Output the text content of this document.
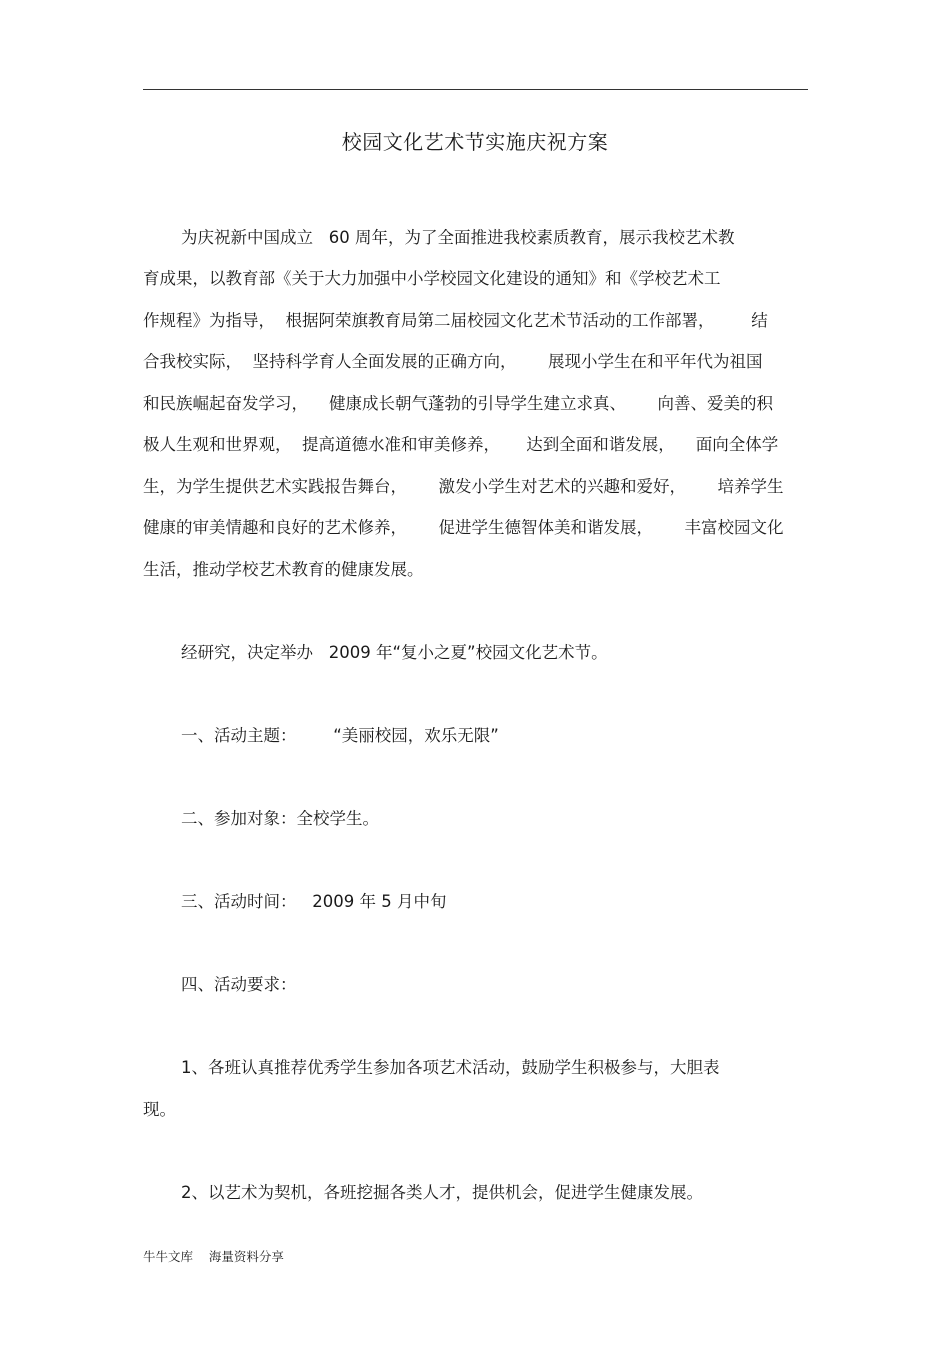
校园文化艺术节实施庆祝方案
为庆祝新中国成立   60 周年，为了全面推进我校素质教育，展示我校艺术教
育成果，以教育部《关于大力加强中小学校园文化建设的通知》和《学校艺术工
作规程》为指导，  根据阿荣旗教育局第二届校园文化艺术节活动的工作部署，       结
合我校实际，  坚持科学育人全面发展的正确方向，      展现小学生在和平年代为祖国
和民族崛起奋发学习，    健康成长朝气蓬勃的引导学生建立求真、      向善、爱美的积
极人生观和世界观，  提高道德水准和审美修养，     达到全面和谐发展，    面向全体学
生，为学生提供艺术实践报告舞台，      激发小学生对艺术的兴趣和爱好，      培养学生
健康的审美情趣和良好的艺术修养，      促进学生德智体美和谐发展，      丰富校园文化
生活，推动学校艺术教育的健康发展。
经研究，决定举办   2009 年“复小之夏”校园文化艺术节。
一、活动主题：       “美丽校园，欢乐无限”
二、参加对象：全校学生。
三、活动时间：   2009 年 5 月中旬
四、活动要求：
1、各班认真推荐优秀学生参加各项艺术活动，鼓励学生积极参与，大胆表
现。
2、以艺术为契机，各班挖掘各类人才，提供机会，促进学生健康发展。
牛牛文库    海量资料分享
